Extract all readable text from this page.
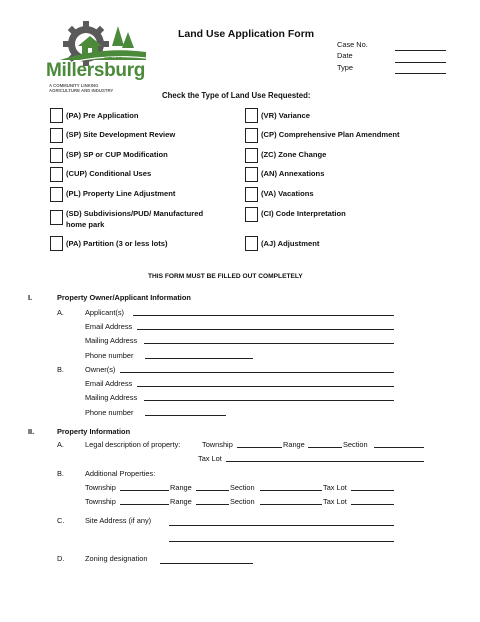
CITY OF
Millersburg
A COMMUNITY LINKING
AGRICULTURE AND INDUSTRY
Land Use Application Form
Case No.
Date
Type
Check the Type of Land Use Requested:
(PA) Pre Application
(SP) Site Development Review
(SP) SP or CUP Modification
(CUP) Conditional Uses
(PL) Property Line Adjustment
(SD) Subdivisions/PUD/ Manufactured
home park
(PA) Partition (3 or less lots)
(VR) Variance
(CP) Comprehensive Plan Amendment
(ZC) Zone Change
(AN) Annexations
(VA) Vacations
(CI) Code Interpretation
(AJ) Adjustment
THIS FORM MUST BE FILLED OUT COMPLETELY
I.	Property Owner/Applicant Information
A.	Applicant(s)
Email Address
Mailing Address
Phone number
B.	Owner(s)
Email Address
Mailing Address
Phone number
II.	Property Information
A.	Legal description of property:	Township	Range	Section
Tax Lot
B.	Additional Properties:
Township	Range	Section	Tax Lot
Township	Range	Section	Tax Lot
C.	Site Address (if any)
D.	Zoning designation
